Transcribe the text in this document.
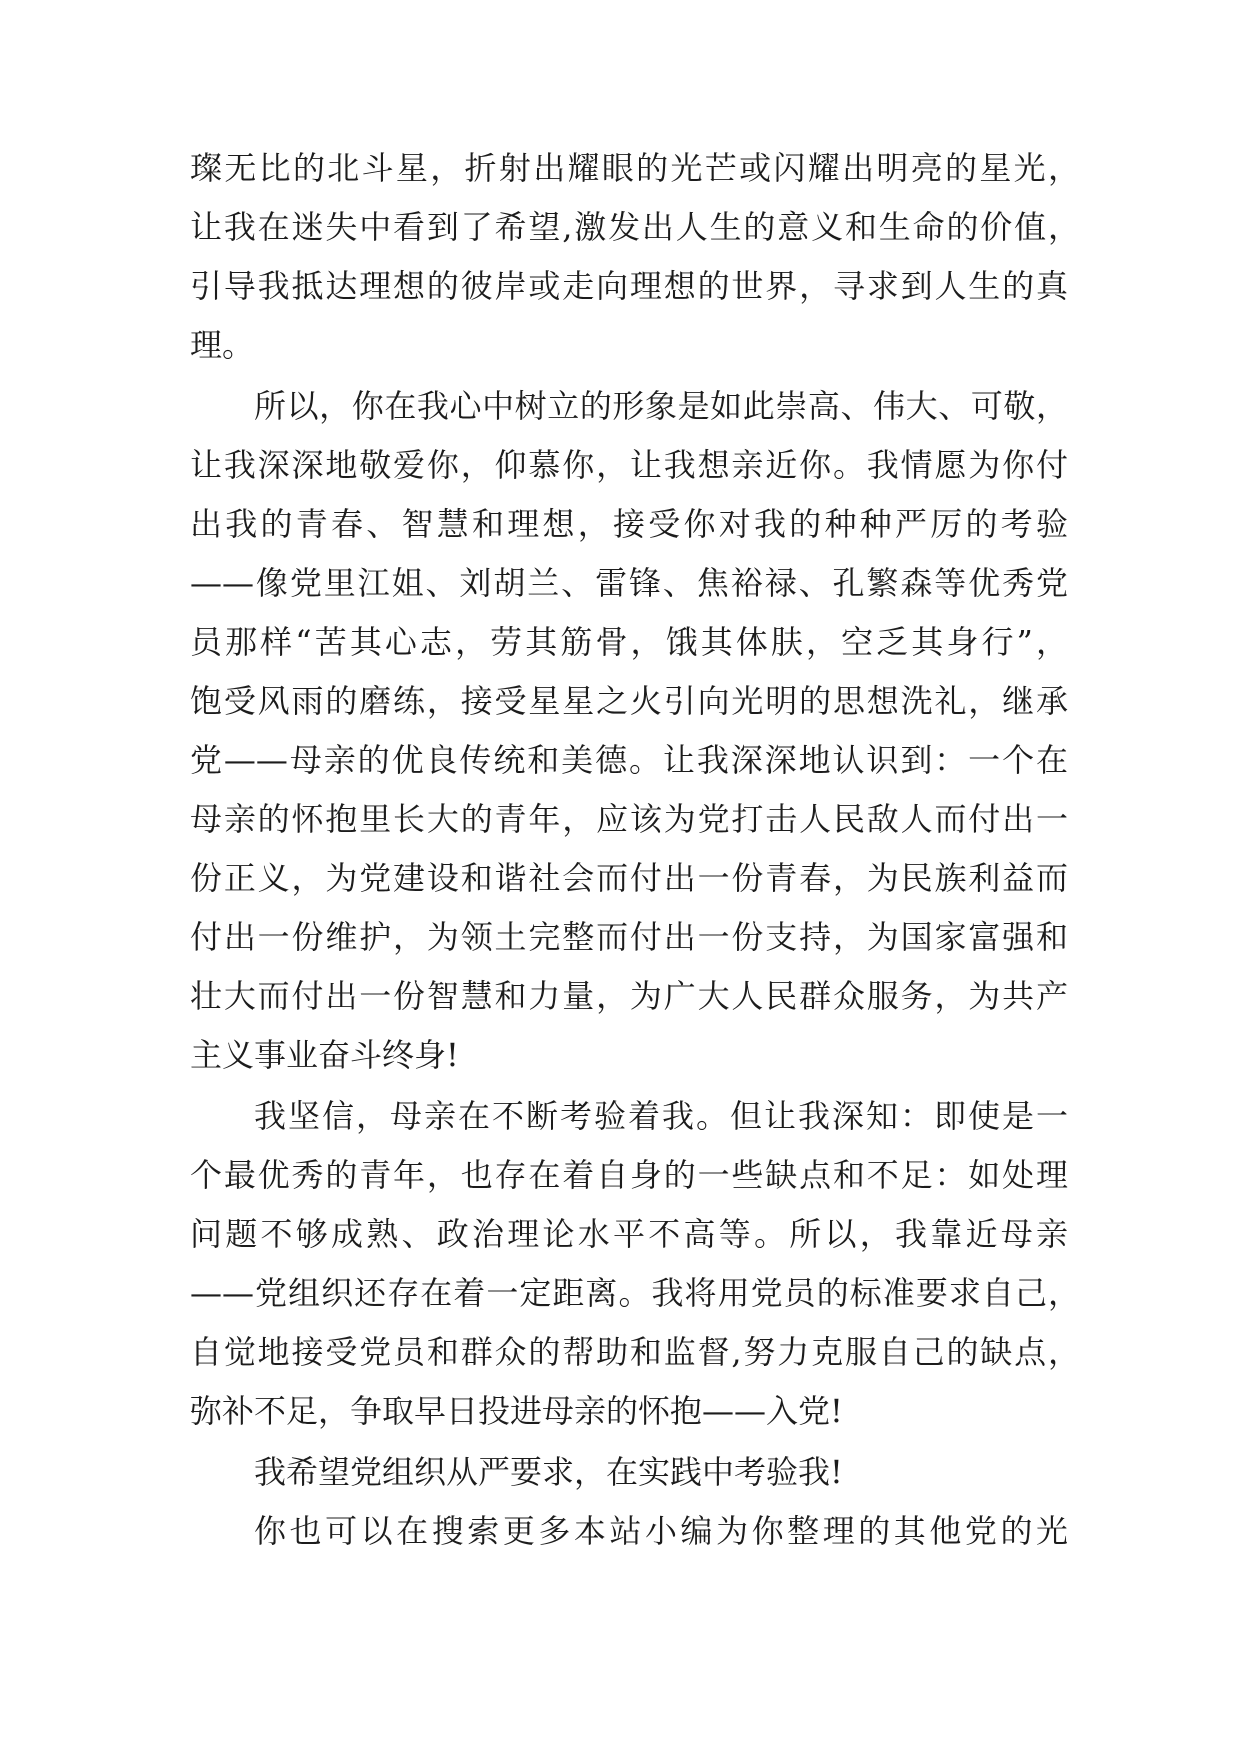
璨无比的北斗星，折射出耀眼的光芒或闪耀出明亮的星光，
让我在迷失中看到了希望,激发出人生的意义和生命的价值，
引导我抵达理想的彼岸或走向理想的世界，寻求到人生的真
理。
所以，你在我心中树立的形象是如此崇高、伟大、可敬，
让我深深地敬爱你，仰慕你，让我想亲近你。我情愿为你付
出我的青春、智慧和理想，接受你对我的种种严厉的考验
——像党里江姐、刘胡兰、雷锋、焦裕禄、孔繁森等优秀党
员那样“苦其心志，劳其筋骨，饿其体肤，空乏其身行”，
饱受风雨的磨练，接受星星之火引向光明的思想洗礼，继承
党——母亲的优良传统和美德。让我深深地认识到：一个在
母亲的怀抱里长大的青年，应该为党打击人民敌人而付出一
份正义，为党建设和谐社会而付出一份青春，为民族利益而
付出一份维护，为领土完整而付出一份支持，为国家富强和
壮大而付出一份智慧和力量，为广大人民群众服务，为共产
主义事业奋斗终身!
我坚信，母亲在不断考验着我。但让我深知：即使是一
个最优秀的青年，也存在着自身的一些缺点和不足：如处理
问题不够成熟、政治理论水平不高等。所以，我靠近母亲
——党组织还存在着一定距离。我将用党员的标准要求自己，
自觉地接受党员和群众的帮助和监督,努力克服自己的缺点，
弥补不足，争取早日投进母亲的怀抱——入党!
我希望党组织从严要求，在实践中考验我!
你也可以在搜索更多本站小编为你整理的其他党的光
